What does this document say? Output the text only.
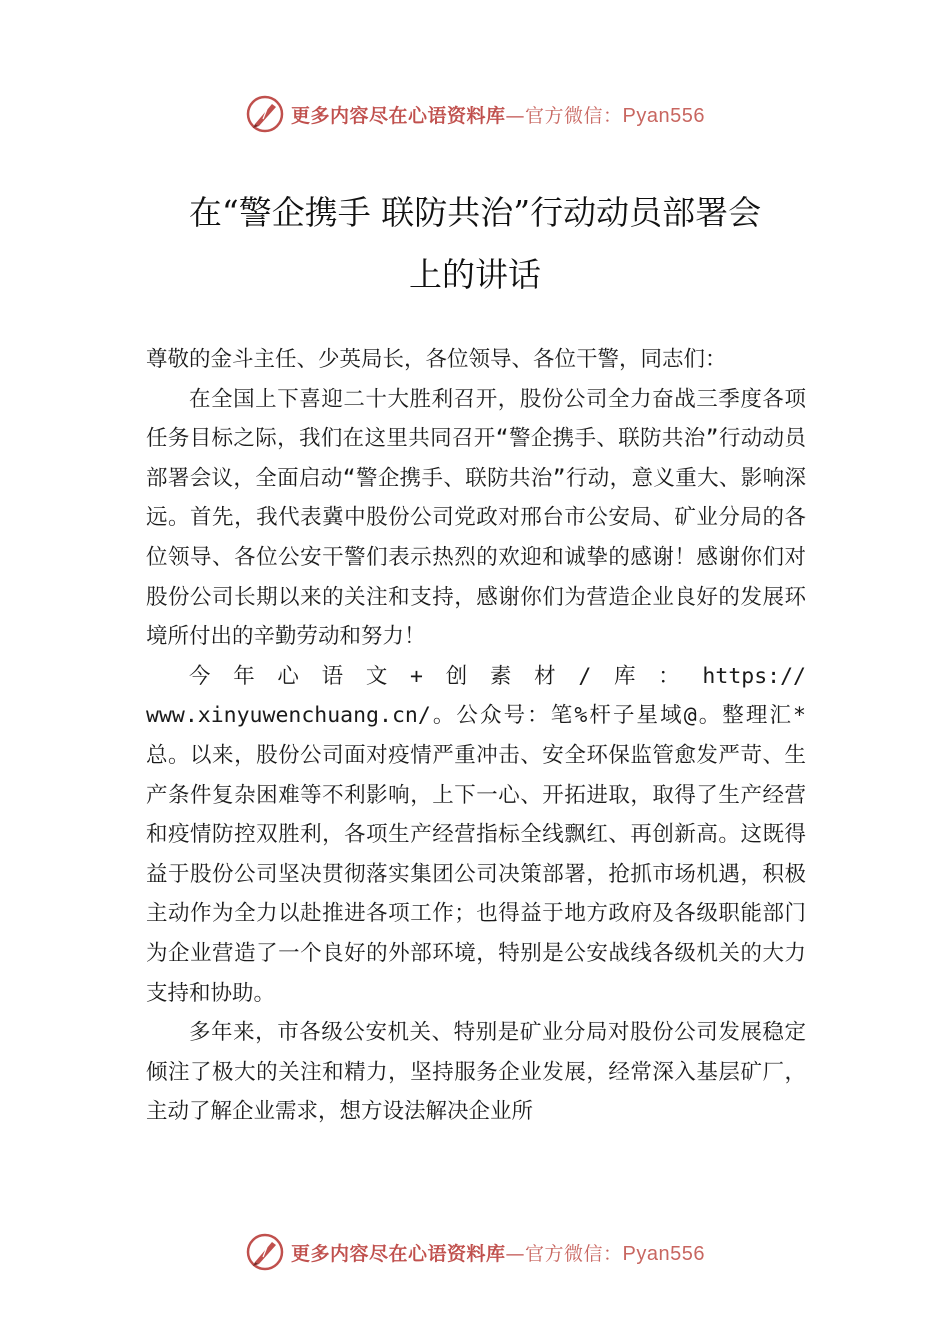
更多内容尽在心语资料库—官方微信：Pyan556
在“警企携手 联防共治”行动动员部署会
上的讲话

尊敬的金斗主任、少英局长，各位领导、各位干警，同志们：

在全国上下喜迎二十大胜利召开，股份公司全力奋战三季度各项任务目标之际，我们在这里共同召开“警企携手、联防共治”行动动员部署会议，全面启动“警企携手、联防共治”行动，意义重大、影响深远。首先，我代表冀中股份公司党政对邢台市公安局、矿业分局的各位领导、各位公安干警们表示热烈的欢迎和诚挚的感谢！感谢你们对股份公司长期以来的关注和支持，感谢你们为营造企业良好的发展环境所付出的辛勤劳动和努力！

今年心语文+创素材/库：https://

www.xinyuwenchuang.cn/。公众号：笔%杆子星域@。整理汇*总。以来，股份公司面对疫情严重冲击、安全环保监管愈发严苛、生产条件复杂困难等不利影响，上下一心、开拓进取，取得了生产经营和疫情防控双胜利，各项生产经营指标全线飘红、再创新高。这既得益于股份公司坚决贯彻落实集团公司决策部署，抢抓市场机遇，积极主动作为全力以赴推进各项工作；也得益于地方政府及各级职能部门为企业营造了一个良好的外部环境，特别是公安战线各级机关的大力支持和协助。

多年来，市各级公安机关、特别是矿业分局对股份公司发展稳定倾注了极大的关注和精力，坚持服务企业发展，经常深入基层矿厂，主动了解企业需求，想方设法解决企业所

更多内容尽在心语资料库—官方微信：Pyan556
